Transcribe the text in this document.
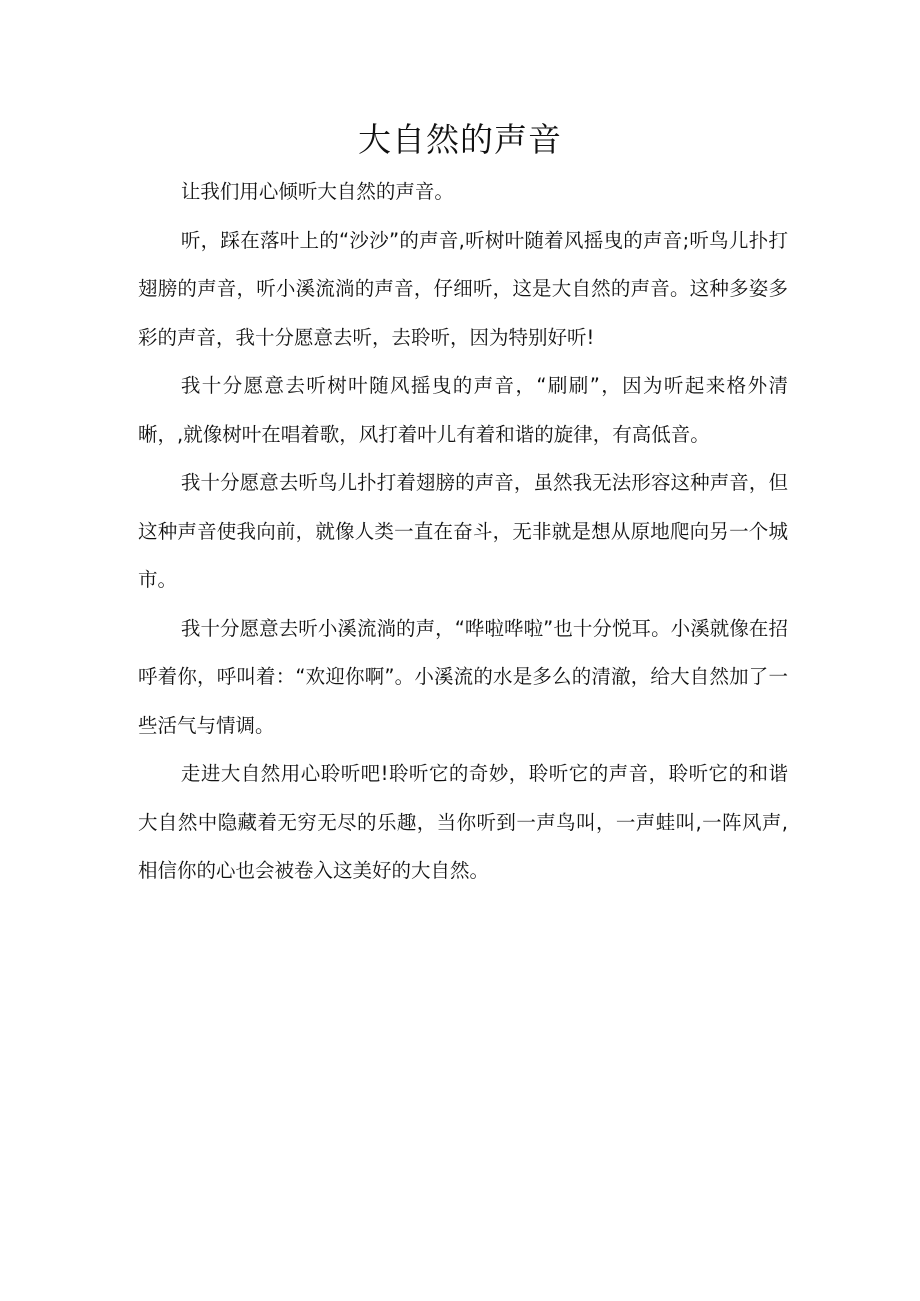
大自然的声音

让我们用心倾听大自然的声音。

听，踩在落叶上的“沙沙”的声音,听树叶随着风摇曳的声音;听鸟儿扑打翅膀的声音，听小溪流淌的声音，仔细听，这是大自然的声音。这种多姿多彩的声音，我十分愿意去听，去聆听，因为特别好听!

我十分愿意去听树叶随风摇曳的声音，“刷刷”，因为听起来格外清晰，,就像树叶在唱着歌，风打着叶儿有着和谐的旋律，有高低音。

我十分愿意去听鸟儿扑打着翅膀的声音，虽然我无法形容这种声音，但这种声音使我向前，就像人类一直在奋斗，无非就是想从原地爬向另一个城市。

我十分愿意去听小溪流淌的声，“哗啦哗啦”也十分悦耳。小溪就像在招呼着你，呼叫着：“欢迎你啊”。小溪流的水是多么的清澈，给大自然加了一些活气与情调。

走进大自然用心聆听吧!聆听它的奇妙，聆听它的声音，聆听它的和谐大自然中隐藏着无穷无尽的乐趣，当你听到一声鸟叫，一声蛙叫,一阵风声,相信你的心也会被卷入这美好的大自然。
